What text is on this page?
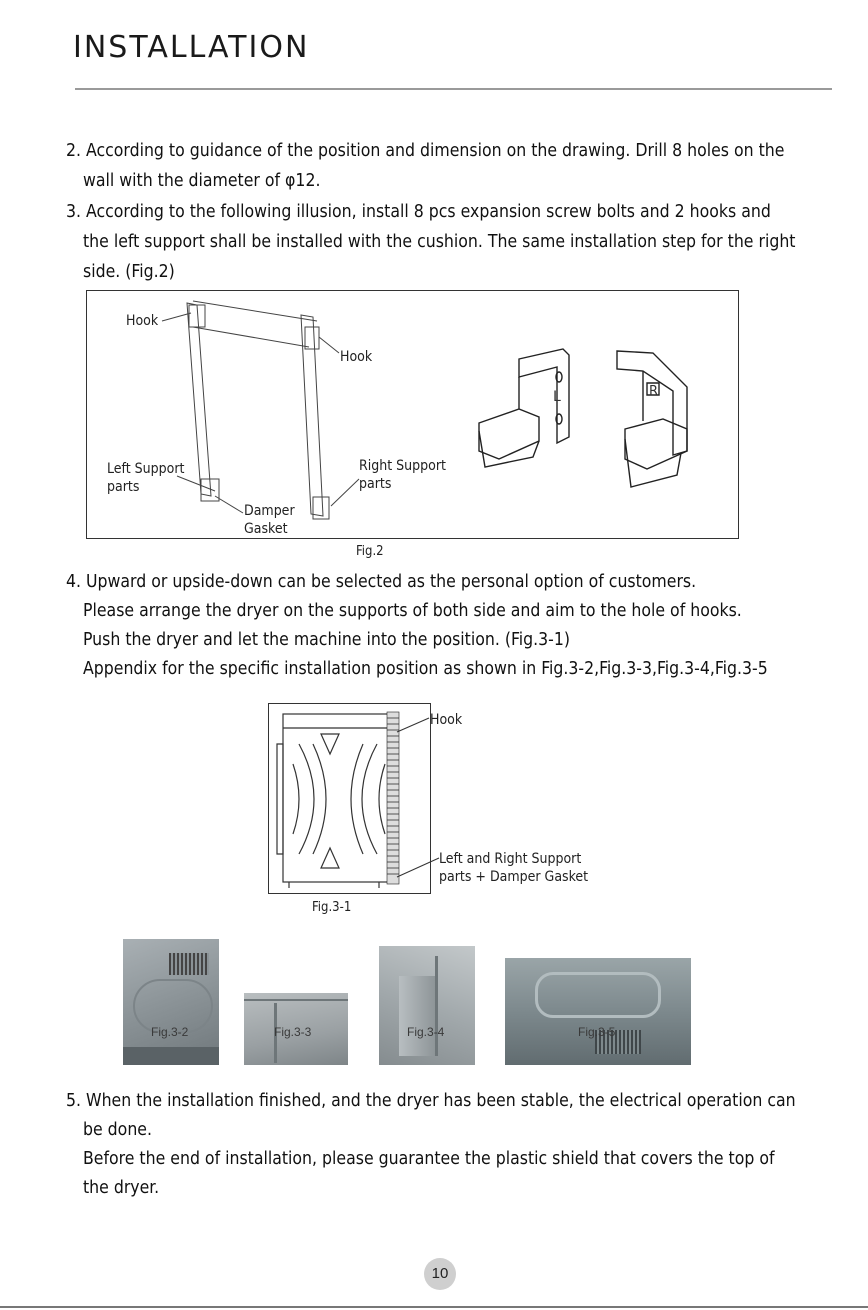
INSTALLATION
2. According to guidance of the position and dimension on the drawing. Drill 8 holes on the
wall with the diameter of φ12.
3. According to the following illusion, install 8 pcs expansion screw bolts and 2 hooks and
the left support shall be installed with the cushion. The same installation step for the right
side. (Fig.2)
L	R
Hook
Hook
Left Support
parts
Right Support
parts
Damper
Gasket
Fig.2
4. Upward or upside-down can be selected as the personal option of customers.
Please arrange the dryer on the supports of both side and aim to the hole of hooks.
Push the dryer and let the machine into the position. (Fig.3-1)
Appendix for the specific installation position as shown in Fig.3-2,Fig.3-3,Fig.3-4,Fig.3-5
Hook
Left and Right Support
parts + Damper Gasket
Fig.3-1
Fig.3-2	Fig.3-3	Fig.3-4	Fig.3-5
5. When the installation finished, and the dryer has been stable, the electrical operation can
be done.
Before the end of installation, please guarantee the plastic shield that covers the top of
the dryer.
10
